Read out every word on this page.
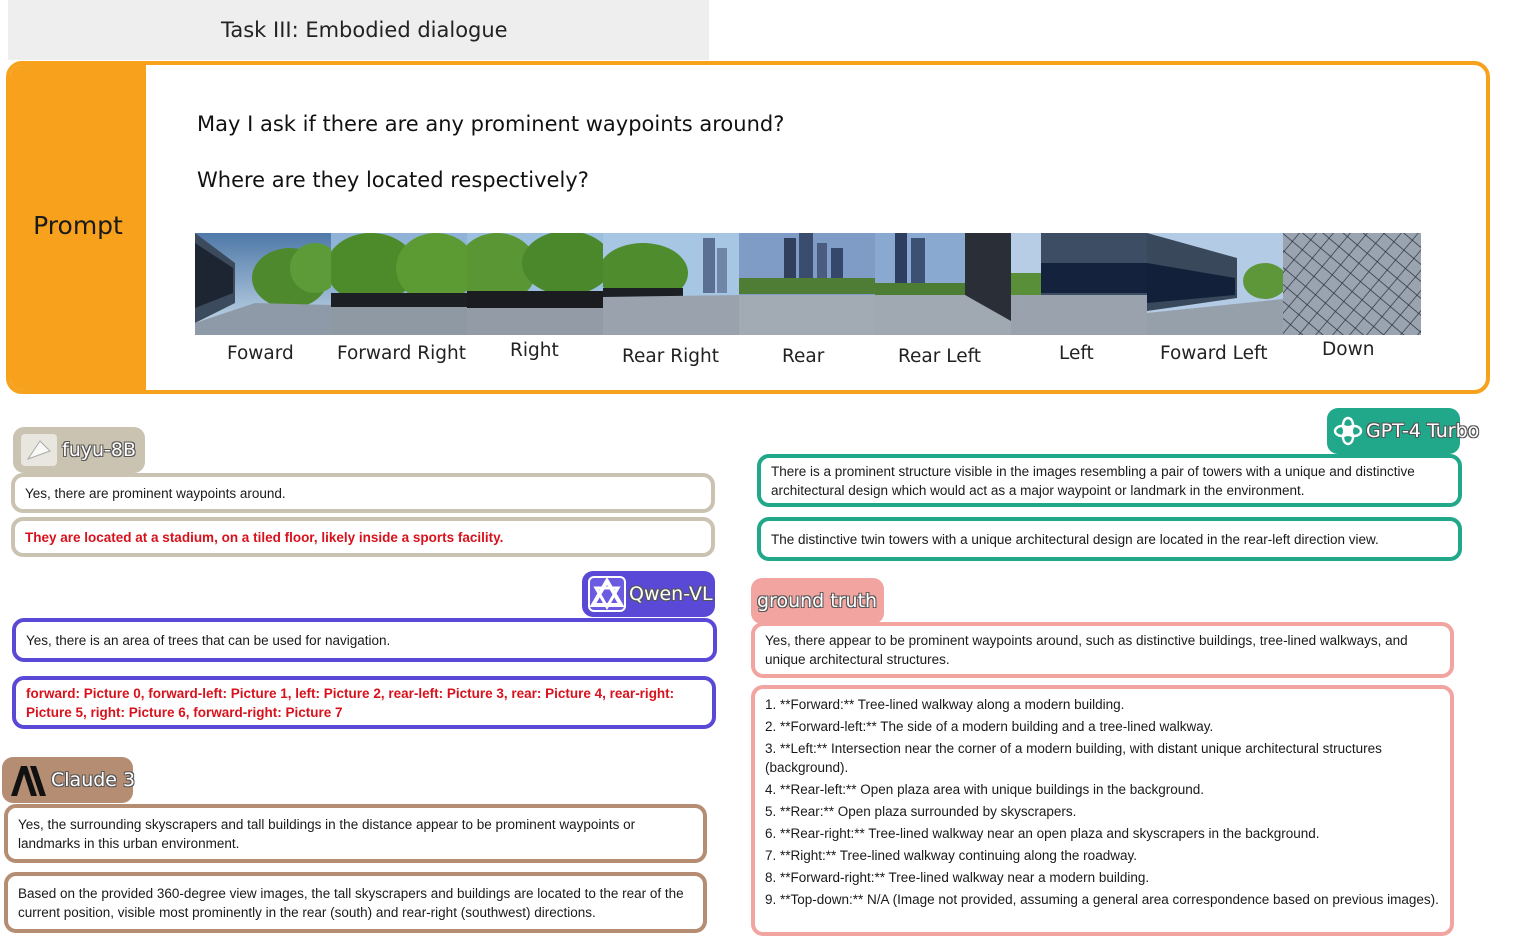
Task III: Embodied dialogue
Prompt
May I ask if there are any prominent waypoints around?
Where are they located respectively?
Foward Forward Right Right	Rear Right	Rear	Rear Left	Left	Foward Left	Down
fuyu-8B
Yes, there are prominent waypoints around.
They are located at a stadium, on a tiled floor, likely inside a sports facility.
Qwen-VL
Yes, there is an area of trees that can be used for navigation.
forward: Picture 0, forward-left: Picture 1, left: Picture 2, rear-left: Picture 3, rear: Picture 4, rear-right: Picture 5, right: Picture 6, forward-right: Picture 7
Claude 3
Yes, the surrounding skyscrapers and tall buildings in the distance appear to be prominent waypoints or landmarks in this urban environment.
Based on the provided 360-degree view images, the tall skyscrapers and buildings are located to the rear of the current position, visible most prominently in the rear (south) and rear-right (southwest) directions.
GPT-4 Turbo
There is a prominent structure visible in the images resembling a pair of towers with a unique and distinctive architectural design which would act as a major waypoint or landmark in the environment.
The distinctive twin towers with a unique architectural design are located in the rear-left direction view.
ground truth
Yes, there appear to be prominent waypoints around, such as distinctive buildings, tree-lined walkways, and unique architectural structures.
1. **Forward:** Tree-lined walkway along a modern building.
2. **Forward-left:** The side of a modern building and a tree-lined walkway.
3. **Left:** Intersection near the corner of a modern building, with distant unique architectural structures (background).
4. **Rear-left:** Open plaza area with unique buildings in the background.
5. **Rear:** Open plaza surrounded by skyscrapers.
6. **Rear-right:** Tree-lined walkway near an open plaza and skyscrapers in the background.
7. **Right:** Tree-lined walkway continuing along the roadway.
8. **Forward-right:** Tree-lined walkway near a modern building.
9. **Top-down:** N/A (Image not provided, assuming a general area correspondence based on previous images).
